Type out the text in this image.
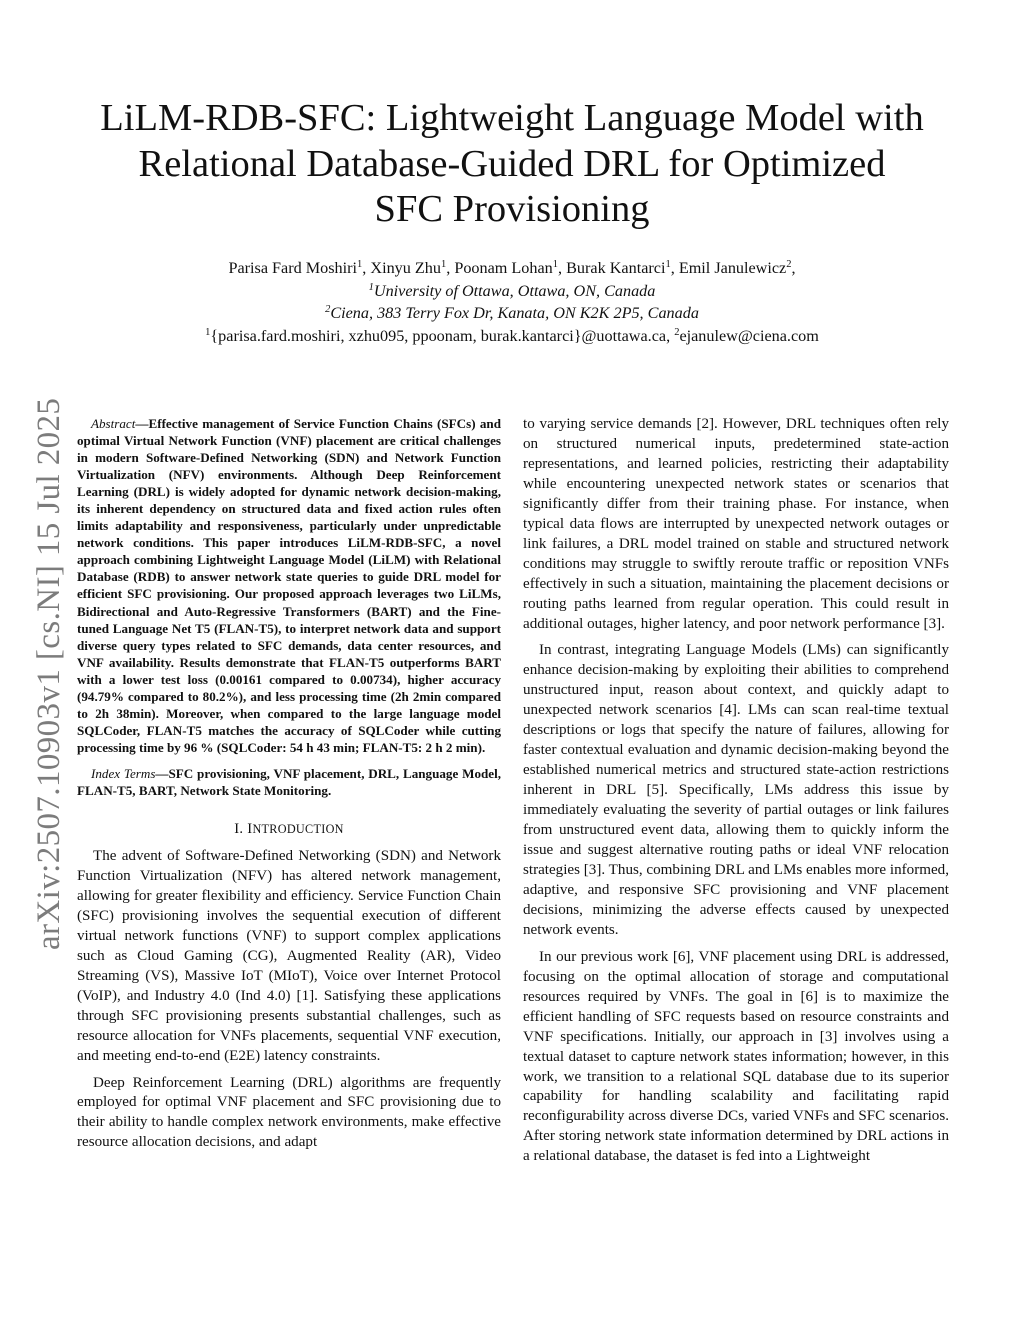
LiLM-RDB-SFC: Lightweight Language Model with
Relational Database-Guided DRL for Optimized
SFC Provisioning
Parisa Fard Moshiri$^1$, Xinyu Zhu$^1$, Poonam Lohan$^1$, Burak Kantarci$^1$, Emil Janulewicz$^2$,
$^1$University of Ottawa, Ottawa, ON, Canada
$^2$Ciena, 383 Terry Fox Dr, Kanata, ON K2K 2P5, Canada
$^1${parisa.fard.moshiri, xzhu095, ppoonam, burak.kantarci}@uottawa.ca, $^2$ejanulew@ciena.com
arXiv:2507.10903v1 [cs.NI] 15 Jul 2025	Abstract—Effective management of Service Function Chains (SFCs) and optimal Virtual Network Function (VNF) placement are critical challenges in modern Software-Defined Networking (SDN) and Network Function Virtualization (NFV) environments. Although Deep Reinforcement Learning (DRL) is widely adopted for dynamic network decision-making, its inherent dependency on structured data and fixed action rules often limits adaptability and responsiveness, particularly under unpredictable network conditions. This paper introduces LiLM-RDB-SFC, a novel approach combining Lightweight Language Model (LiLM) with Relational Database (RDB) to answer network state queries to guide DRL model for efficient SFC provisioning. Our proposed approach leverages two LiLMs, Bidirectional and Auto-Regressive Transformers (BART) and the Fine-tuned Language Net T5 (FLAN-T5), to interpret network data and support diverse query types related to SFC demands, data center resources, and VNF availability. Results demonstrate that FLAN-T5 outperforms BART with a lower test loss (0.00161 compared to 0.00734), higher accuracy (94.79% compared to 80.2%), and less processing time (2h 2min compared to 2h 38min). Moreover, when compared to the large language model SQLCoder, FLAN-T5 matches the accuracy of SQLCoder while cutting processing time by 96 % (SQLCoder: 54 h 43 min; FLAN-T5: 2 h 2 min).

Index Terms—SFC provisioning, VNF placement, DRL, Language Model, FLAN-T5, BART, Network State Monitoring.

I. INTRODUCTION

The advent of Software-Defined Networking (SDN) and Network Function Virtualization (NFV) has altered network management, allowing for greater flexibility and efficiency. Service Function Chain (SFC) provisioning involves the sequential execution of different virtual network functions (VNF) to support complex applications such as Cloud Gaming (CG), Augmented Reality (AR), Video Streaming (VS), Massive IoT (MIoT), Voice over Internet Protocol (VoIP), and Industry 4.0 (Ind 4.0) [1]. Satisfying these applications through SFC provisioning presents substantial challenges, such as resource allocation for VNFs placements, sequential VNF execution, and meeting end-to-end (E2E) latency constraints.

Deep Reinforcement Learning (DRL) algorithms are frequently employed for optimal VNF placement and SFC provisioning due to their ability to handle complex network environments, make effective resource allocation decisions, and adapt

to varying service demands [2]. However, DRL techniques often rely on structured numerical inputs, predetermined state-action representations, and learned policies, restricting their adaptability while encountering unexpected network states or scenarios that significantly differ from their training phase. For instance, when typical data flows are interrupted by unexpected network outages or link failures, a DRL model trained on stable and structured network conditions may struggle to swiftly reroute traffic or reposition VNFs effectively in such a situation, maintaining the placement decisions or routing paths learned from regular operation. This could result in additional outages, higher latency, and poor network performance [3].

In contrast, integrating Language Models (LMs) can significantly enhance decision-making by exploiting their abilities to comprehend unstructured input, reason about context, and quickly adapt to unexpected network scenarios [4]. LMs can scan real-time textual descriptions or logs that specify the nature of failures, allowing for faster contextual evaluation and dynamic decision-making beyond the established numerical metrics and structured state-action restrictions inherent in DRL [5]. Specifically, LMs address this issue by immediately evaluating the severity of partial outages or link failures from unstructured event data, allowing them to quickly inform the issue and suggest alternative routing paths or ideal VNF relocation strategies [3]. Thus, combining DRL and LMs enables more informed, adaptive, and responsive SFC provisioning and VNF placement decisions, minimizing the adverse effects caused by unexpected network events.

In our previous work [6], VNF placement using DRL is addressed, focusing on the optimal allocation of storage and computational resources required by VNFs. The goal in [6] is to maximize the efficient handling of SFC requests based on resource constraints and VNF specifications. Initially, our approach in [3] involves using a textual dataset to capture network states information; however, in this work, we transition to a relational SQL database due to its superior capability for handling scalability and facilitating rapid reconfigurability across diverse DCs, varied VNFs and SFC scenarios. After storing network state information determined by DRL actions in a relational database, the dataset is fed into a Lightweight
